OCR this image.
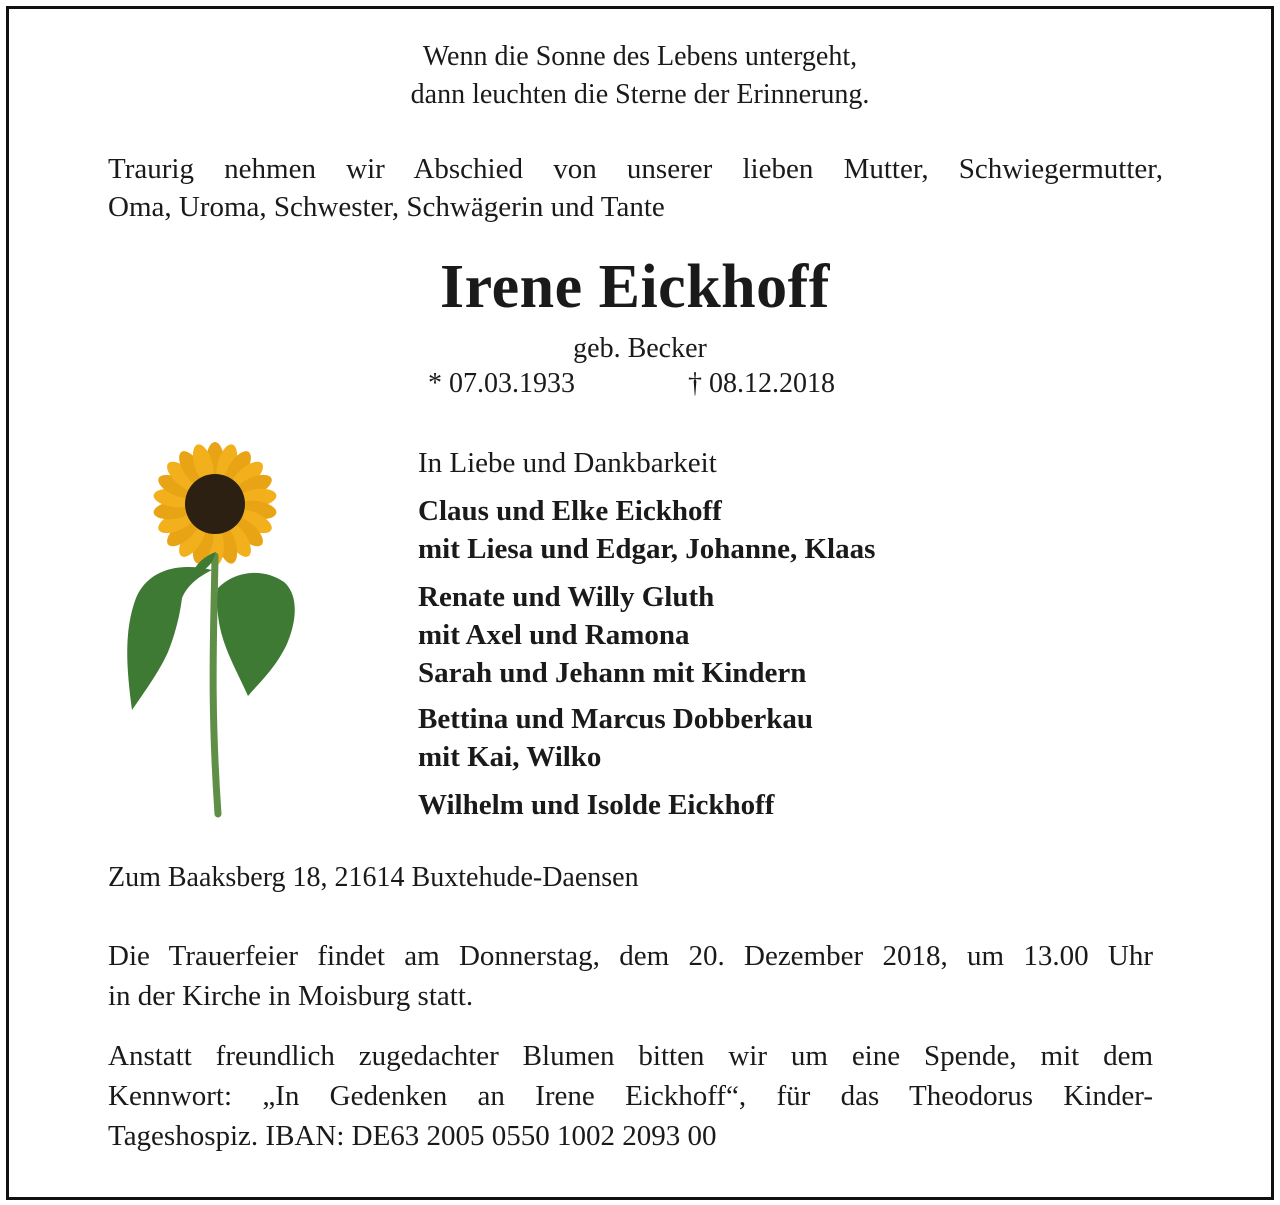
Wenn die Sonne des Lebens untergeht,
dann leuchten die Sterne der Erinnerung.

Traurig nehmen wir Abschied von unserer lieben Mutter, Schwiegermutter,
Oma, Uroma, Schwester, Schwägerin und Tante

Irene Eickhoff

geb. Becker

* 07.03.1933	† 08.12.2018

In Liebe und Dankbarkeit

Claus und Elke Eickhoff

mit Liesa und Edgar, Johanne, Klaas

Renate und Willy Gluth

mit Axel und Ramona

Sarah und Jehann mit Kindern

Bettina und Marcus Dobberkau

mit Kai, Wilko

Wilhelm und Isolde Eickhoff

Zum Baaksberg 18, 21614 Buxtehude-Daensen

Die Trauerfeier findet am Donnerstag, dem 20. Dezember 2018, um 13.00 Uhr
in der Kirche in Moisburg statt.

Anstatt freundlich zugedachter Blumen bitten wir um eine Spende, mit dem
Kennwort: „In Gedenken an Irene Eickhoff“, für das Theodorus Kinder-
Tageshospiz. IBAN: DE63 2005 0550 1002 2093 00
